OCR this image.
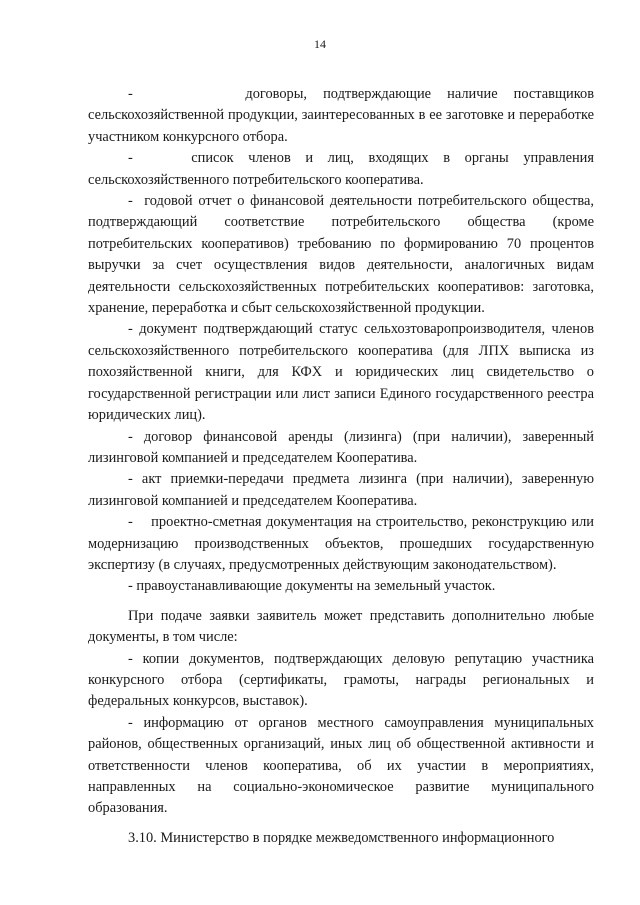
14

-       договоры, подтверждающие наличие поставщиков сельскохозяйственной продукции, заинтересованных в ее заготовке и переработке участником конкурсного отбора.

-    список членов и лиц, входящих в органы управления сельскохозяйственного потребительского кооператива.

-  годовой отчет о финансовой деятельности потребительского общества, подтверждающий соответствие потребительского общества (кроме потребительских кооперативов) требованию по формированию 70 процентов выручки за счет осуществления видов деятельности, аналогичных видам деятельности сельскохозяйственных потребительских кооперативов: заготовка, хранение, переработка и сбыт сельскохозяйственной продукции.

- документ подтверждающий статус сельхозтоваропроизводителя, членов сельскохозяйственного потребительского кооператива (для ЛПХ выписка из похозяйственной книги, для КФХ и юридических лиц свидетельство о государственной регистрации или лист записи Единого государственного реестра юридических лиц).

- договор финансовой аренды (лизинга) (при наличии), заверенный лизинговой компанией и председателем Кооператива.

- акт приемки-передачи предмета лизинга (при наличии), заверенную лизинговой компанией и председателем Кооператива.

-    проектно-сметная документация на строительство, реконструкцию или модернизацию производственных объектов, прошедших государственную экспертизу (в случаях, предусмотренных действующим законодательством).

- правоустанавливающие документы на земельный участок.

При подаче заявки заявитель может представить дополнительно любые документы, в том числе:

- копии документов, подтверждающих деловую репутацию участника конкурсного отбора (сертификаты, грамоты, награды региональных и федеральных конкурсов, выставок).

- информацию от органов местного самоуправления муниципальных районов, общественных организаций, иных лиц об общественной активности и ответственности членов кооператива, об их участии в мероприятиях, направленных на социально-экономическое развитие муниципального образования.

3.10. Министерство в порядке межведомственного информационного
